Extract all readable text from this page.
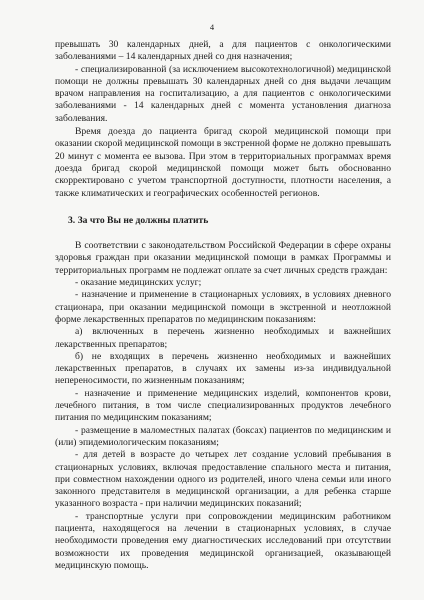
4

превышать 30 календарных дней, а для пациентов с онкологическими заболеваниями – 14 календарных дней со дня назначения;

- специализированной (за исключением высокотехнологичной) медицинской помощи не должны превышать 30 календарных дней со дня выдачи лечащим врачом направления на госпитализацию, а для пациентов с онкологическими заболеваниями - 14 календарных дней с момента установления диагноза заболевания.

Время доезда до пациента бригад скорой медицинской помощи при оказании скорой медицинской помощи в экстренной форме не должно превышать 20 минут с момента ее вызова. При этом в территориальных программах время доезда бригад скорой медицинской помощи может быть обоснованно скорректировано с учетом транспортной доступности, плотности населения, а также климатических и географических особенностей регионов.

3. За что Вы не должны платить

В соответствии с законодательством Российской Федерации в сфере охраны здоровья граждан при оказании медицинской помощи в рамках Программы и территориальных программ не подлежат оплате за счет личных средств граждан:

- оказание медицинских услуг;

- назначение и применение в стационарных условиях, в условиях дневного стационара, при оказании медицинской помощи в экстренной и неотложной форме лекарственных препаратов по медицинским показаниям:

а) включенных в перечень жизненно необходимых и важнейших лекарственных препаратов;

б) не входящих в перечень жизненно необходимых и важнейших лекарственных препаратов, в случаях их замены из-за индивидуальной непереносимости, по жизненным показаниям;

- назначение и применение медицинских изделий, компонентов крови, лечебного питания, в том числе специализированных продуктов лечебного питания по медицинским показаниям;

- размещение в маломестных палатах (боксах) пациентов по медицинским и (или) эпидемиологическим показаниям;

- для детей в возрасте до четырех лет создание условий пребывания в стационарных условиях, включая предоставление спального места и питания, при совместном нахождении одного из родителей, иного члена семьи или иного законного представителя в медицинской организации, а для ребенка старше указанного возраста - при наличии медицинских показаний;

- транспортные услуги при сопровождении медицинским работником пациента, находящегося на лечении в стационарных условиях, в случае необходимости проведения ему диагностических исследований при отсутствии возможности их проведения медицинской организацией, оказывающей медицинскую помощь.
